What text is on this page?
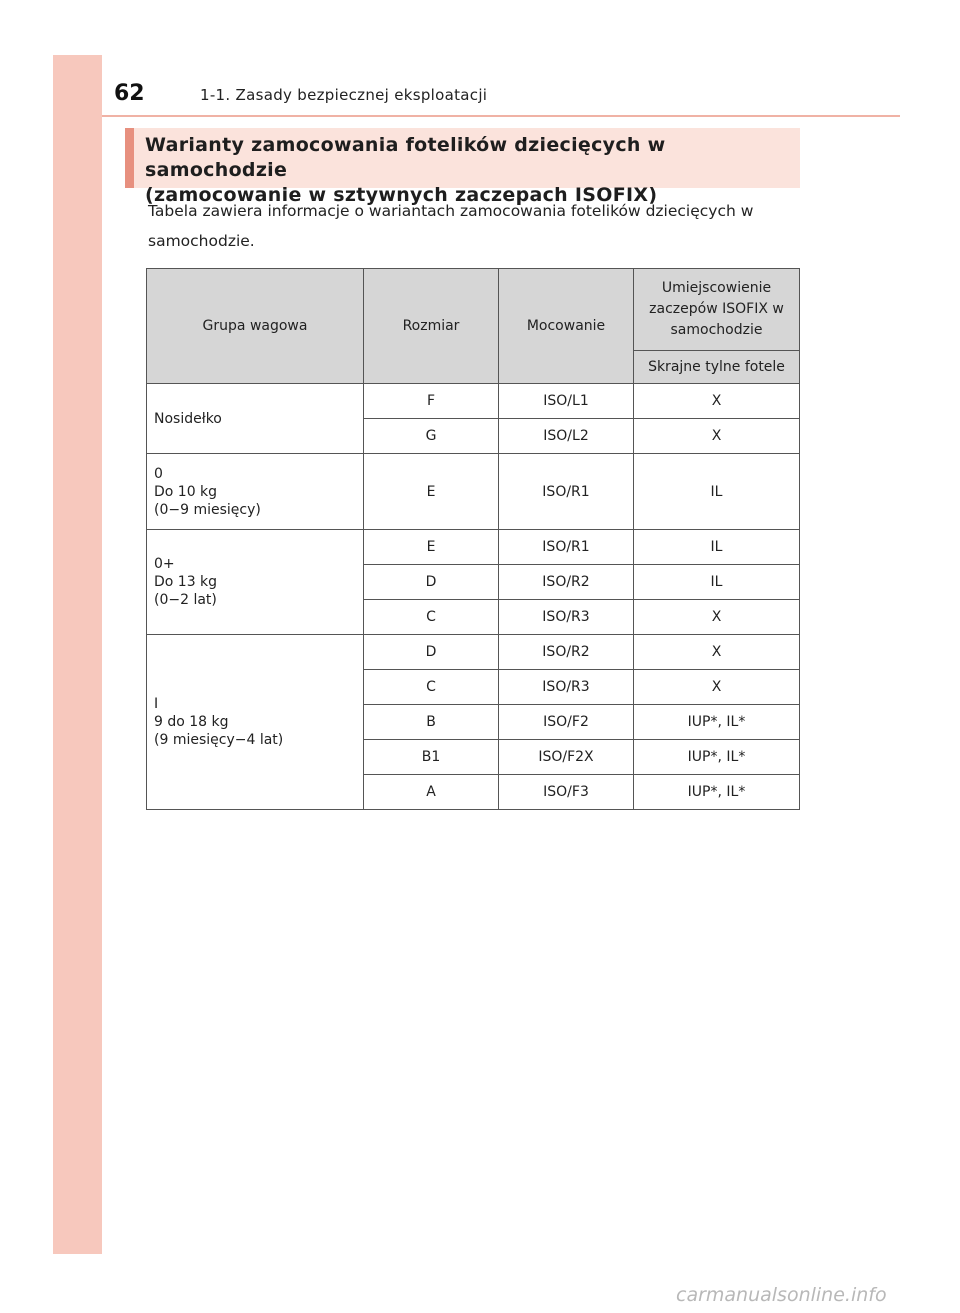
62	1-1. Zasady bezpiecznej eksploatacji
Warianty zamocowania fotelików dziecięcych w samochodzie
(zamocowanie w sztywnych zaczepach ISOFIX)
Tabela zawiera informacje o wariantach zamocowania fotelików dziecięcych w samochodzie.
Grupa wagowa	Rozmiar	Mocowanie	Umiejscowienie zaczepów ISOFIX w samochodzie
			Skrajne tylne fotele

Nosidełko	F	ISO/L1	X
	G	ISO/L2	X

0
Do 10 kg
(0−9 miesięcy)	E	ISO/R1	IL

0+
Do 13 kg
(0−2 lat)	E	ISO/R1	IL
	D	ISO/R2	IL
	C	ISO/R3	X

I
9 do 18 kg
(9 miesięcy−4 lat)	D	ISO/R2	X
	C	ISO/R3	X
	B	ISO/F2	IUP*, IL*
	B1	ISO/F2X	IUP*, IL*
	A	ISO/F3	IUP*, IL*
carmanualsonline.info
